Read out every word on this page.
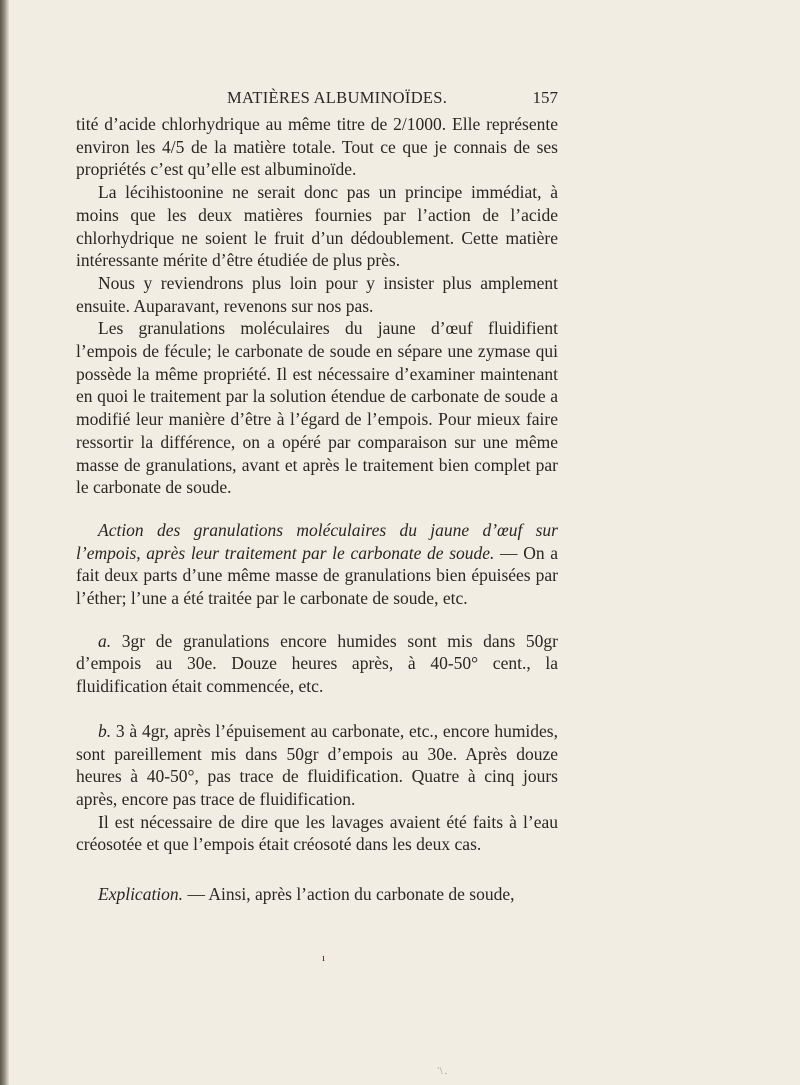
MATIÈRES ALBUMINOÏDES.	157

tité d’acide chlorhydrique au même titre de 2/1000. Elle représente environ les 4/5 de la matière totale. Tout ce que je connais de ses propriétés c’est qu’elle est albuminoïde.

La lécihistoonine ne serait donc pas un principe immédiat, à moins que les deux matières fournies par l’action de l’acide chlorhydrique ne soient le fruit d’un dédoublement. Cette matière intéressante mérite d’être étudiée de plus près.

Nous y reviendrons plus loin pour y insister plus amplement ensuite. Auparavant, revenons sur nos pas.

Les granulations moléculaires du jaune d’œuf fluidifient l’empois de fécule; le carbonate de soude en sépare une zymase qui possède la même propriété. Il est nécessaire d’examiner maintenant en quoi le traitement par la solution étendue de carbonate de soude a modifié leur manière d’être à l’égard de l’empois. Pour mieux faire ressortir la différence, on a opéré par comparaison sur une même masse de granulations, avant et après le traitement bien complet par le carbonate de soude.

Action des granulations moléculaires du jaune d’œuf sur l’empois, après leur traitement par le carbonate de soude. — On a fait deux parts d’une même masse de granulations bien épuisées par l’éther; l’une a été traitée par le carbonate de soude, etc.

a. 3gr de granulations encore humides sont mis dans 50gr d’empois au 30e. Douze heures après, à 40-50° cent., la fluidification était commencée, etc.

b. 3 à 4gr, après l’épuisement au carbonate, etc., encore humides, sont pareillement mis dans 50gr d’empois au 30e. Après douze heures à 40-50°, pas trace de fluidification. Quatre à cinq jours après, encore pas trace de fluidification.

Il est nécessaire de dire que les lavages avaient été faits à l’eau créosotée et que l’empois était créosoté dans les deux cas.

Explication. — Ainsi, après l’action du carbonate de soude,

ı
`\ .
